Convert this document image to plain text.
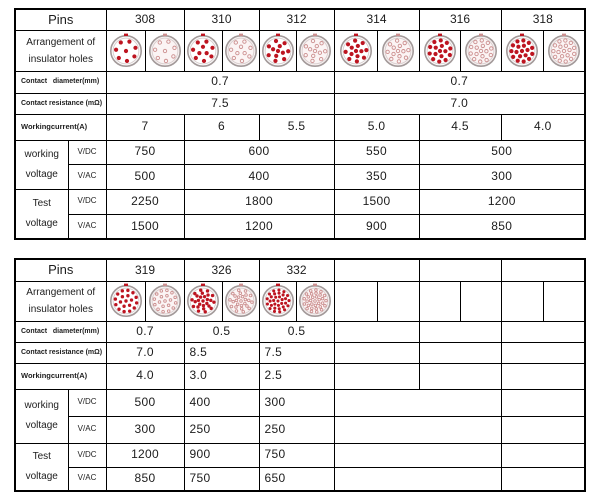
Pins		308		310		312		314		316		318	

Arrangement of
insulator holes

Contact   diameter(mm)		0.7						0.7					
Contact resistance (mΩ)		7.5						7.0					
Workingcurrent(A)		7		6		5.5		5.0		4.5		4.0	

working
voltage	V/DC	750		600				550		500			
	V/AC	500		400				350		300			

Test
voltage	V/DC	2250		1800				1500		1200			
	V/AC	1500		1200				900		850			
Pins		319		326		332							

Arrangement of
insulator holes

Contact   diameter(mm)		0.7		0.5		0.5							
Contact resistance (mΩ)		7.0		8.5		7.5							
Workingcurrent(A)		4.0		3.0		2.5							

working
voltage	V/DC	500		400		300							
	V/AC	300		250		250							

Test
voltage	V/DC	1200		900		750							
	V/AC	850		750		650							
